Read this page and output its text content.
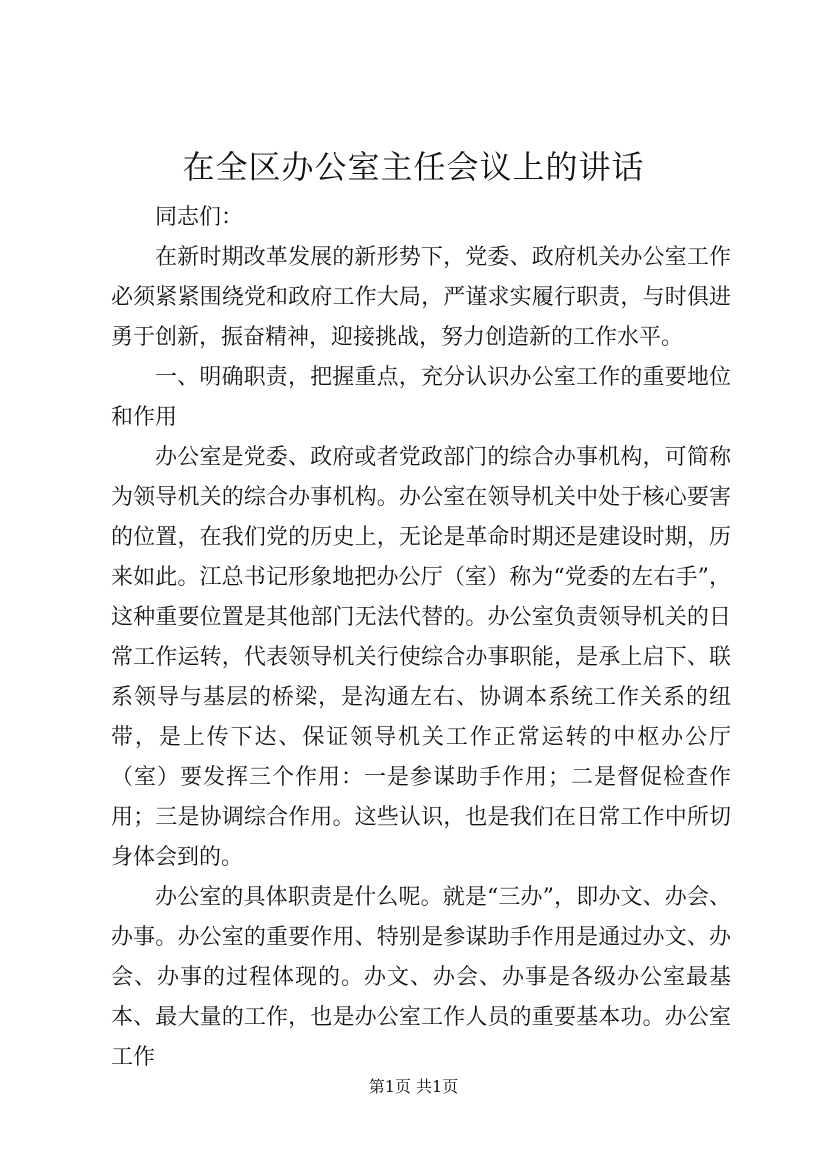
在全区办公室主任会议上的讲话

同志们：

在新时期改革发展的新形势下，党委、政府机关办公室工作必须紧紧围绕党和政府工作大局，严谨求实履行职责，与时俱进勇于创新，振奋精神，迎接挑战，努力创造新的工作水平。

一、明确职责，把握重点，充分认识办公室工作的重要地位和作用

办公室是党委、政府或者党政部门的综合办事机构，可简称为领导机关的综合办事机构。办公室在领导机关中处于核心要害的位置，在我们党的历史上，无论是革命时期还是建设时期，历来如此。江总书记形象地把办公厅（室）称为“党委的左右手”，这种重要位置是其他部门无法代替的。办公室负责领导机关的日常工作运转，代表领导机关行使综合办事职能，是承上启下、联系领导与基层的桥梁，是沟通左右、协调本系统工作关系的纽带，是上传下达、保证领导机关工作正常运转的中枢办公厅（室）要发挥三个作用：一是参谋助手作用；二是督促检查作用；三是协调综合作用。这些认识，也是我们在日常工作中所切身体会到的。

办公室的具体职责是什么呢。就是“三办”，即办文、办会、办事。办公室的重要作用、特别是参谋助手作用是通过办文、办会、办事的过程体现的。办文、办会、办事是各级办公室最基本、最大量的工作，也是办公室工作人员的重要基本功。办公室工作

第1页 共1页
